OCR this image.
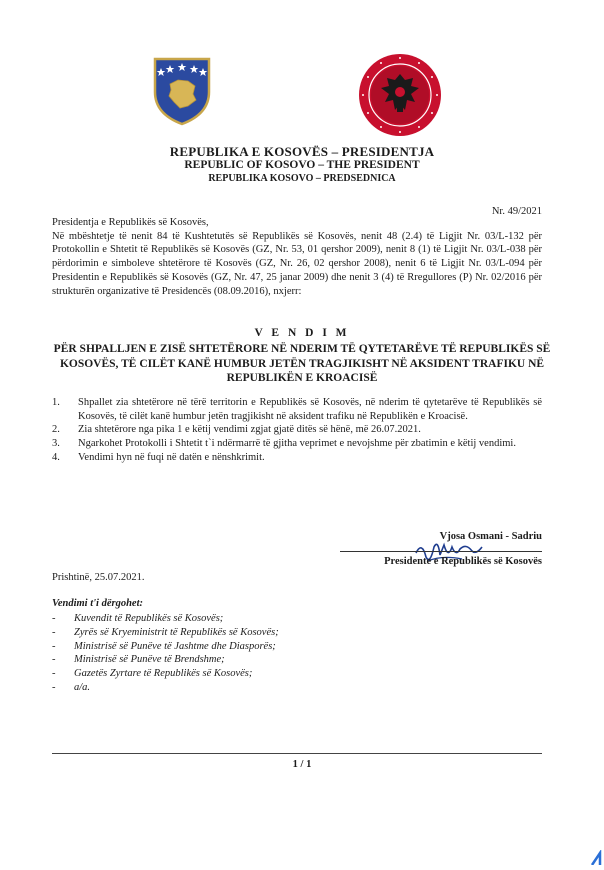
REPUBLIKA E KOSOVËS – PRESIDENTJA
REPUBLIC OF KOSOVO – THE PRESIDENT
REPUBLIKA KOSOVO – PREDSEDNICA
Nr. 49/2021
Presidentja e Republikës së Kosovës,
Në mbështetje të nenit 84 të Kushtetutës së Republikës së Kosovës, nenit 48 (2.4) të Ligjit Nr. 03/L-132 për Protokollin e Shtetit të Republikës së Kosovës (GZ, Nr. 53, 01 qershor 2009), nenit 8 (1) të Ligjit Nr. 03/L-038 për përdorimin e simboleve shtetërore të Kosovës (GZ, Nr. 26, 02 qershor 2008), nenit 6 të Ligjit Nr. 03/L-094 për Presidentin e Republikës së Kosovës (GZ, Nr. 47, 25 janar 2009) dhe nenit 3 (4) të Rregullores (P) Nr. 02/2016 për strukturën organizative të Presidencës (08.09.2016), nxjerr:
V E N D I M
PËR SHPALLJEN E ZISË SHTETËRORE NË NDERIM TË QYTETARËVE TË REPUBLIKËS SË KOSOVËS, TË CILËT KANË HUMBUR JETËN TRAGJIKISHT NË AKSIDENT TRAFIKU NË REPUBLIKËN E KROACISË
1.	Shpallet zia shtetërore në tërë territorin e Republikës së Kosovës, në nderim të qytetarëve të Republikës së Kosovës, të cilët kanë humbur jetën tragjikisht në aksident trafiku në Republikën e Kroacisë.
2.	Zia shtetërore nga pika 1 e këtij vendimi zgjat gjatë ditës së hënë, më 26.07.2021.
3.	Ngarkohet Protokolli i Shtetit t`i ndërmarrë të gjitha veprimet e nevojshme për zbatimin e këtij vendimi.
4.	Vendimi hyn në fuqi në datën e nënshkrimit.
Vjosa Osmani - Sadriu
Presidente e Republikës së Kosovës
Prishtinë, 25.07.2021.
Vendimi t'i dërgohet:
-	Kuvendit të Republikës së Kosovës;
-	Zyrës së Kryeministrit të Republikës së Kosovës;
-	Ministrisë së Punëve të Jashtme dhe Diasporës;
-	Ministrisë së Punëve të Brendshme;
-	Gazetës Zyrtare të Republikës së Kosovës;
-	a/a.
1 / 1
